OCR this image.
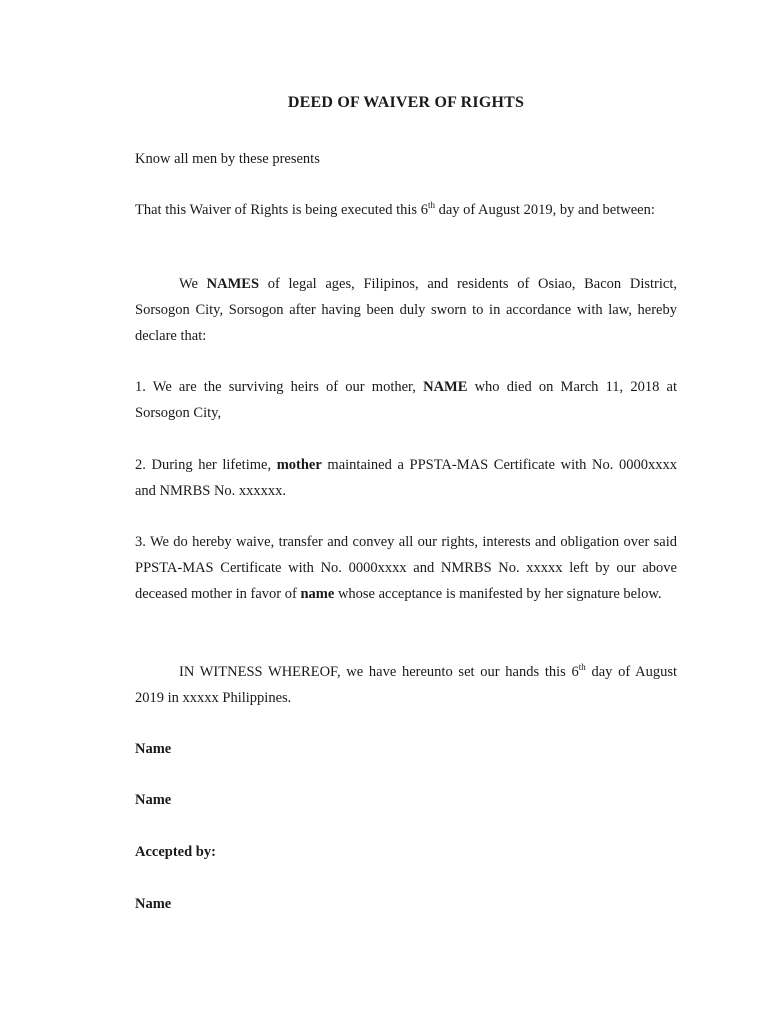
DEED OF WAIVER OF RIGHTS

Know all men by these presents

That this Waiver of Rights is being executed this 6th day of August 2019, by and between:

We NAMES of legal ages, Filipinos, and residents of Osiao, Bacon District, Sorsogon City, Sorsogon after having been duly sworn to in accordance with law, hereby declare that:

1. We are the surviving heirs of our mother, NAME who died on March 11, 2018 at Sorsogon City,

2. During her lifetime, mother maintained a PPSTA-MAS Certificate with No. 0000xxxx and NMRBS No. xxxxxx.

3. We do hereby waive, transfer and convey all our rights, interests and obligation over said PPSTA-MAS Certificate with No. 0000xxxx and NMRBS No. xxxxx left by our above deceased mother in favor of name whose acceptance is manifested by her signature below.

IN WITNESS WHEREOF, we have hereunto set our hands this 6th day of August 2019 in xxxxx Philippines.

Name

Name

Accepted by:

Name
